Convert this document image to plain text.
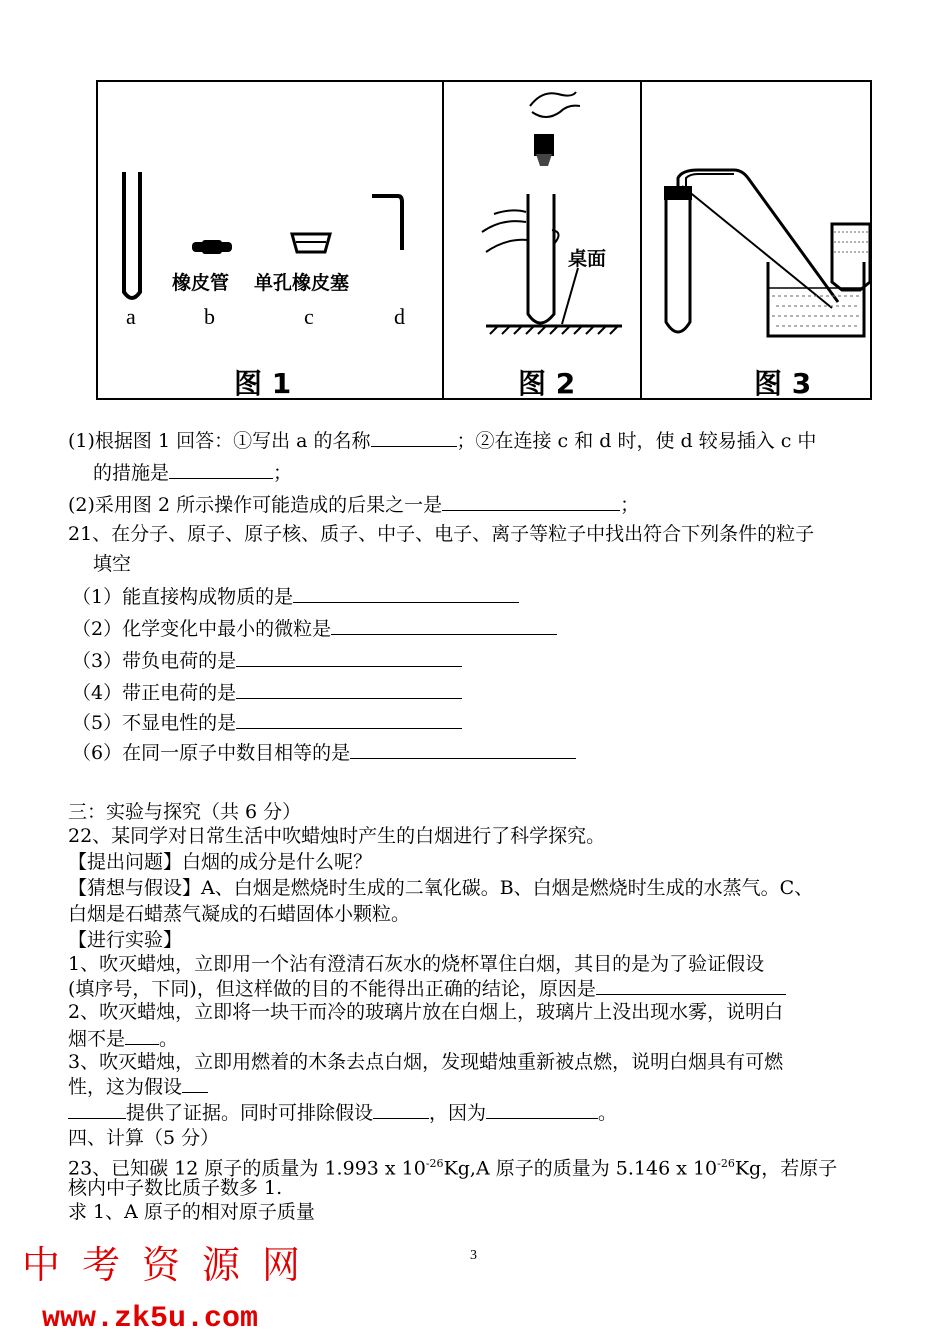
a	b	c	d
橡皮管 单孔橡皮塞
图 1
桌面
图 2	图 3
(1)根据图 1 回答：①写出 a 的名称	；②在连接 c 和 d 时，使 d 较易插入 c 中
的措施是	；
(2)采用图 2 所示操作可能造成的后果之一是	；
21、在分子、原子、原子核、质子、中子、电子、离子等粒子中找出符合下列条件的粒子
填空
（1）能直接构成物质的是
（2）化学变化中最小的微粒是
（3）带负电荷的是
（4）带正电荷的是
（5）不显电性的是
（6）在同一原子中数目相等的是
三：实验与探究（共 6 分）
22、某同学对日常生活中吹蜡烛时产生的白烟进行了科学探究。
【提出问题】白烟的成分是什么呢？
【猜想与假设】A、白烟是燃烧时生成的二氧化碳。B、白烟是燃烧时生成的水蒸气。C、
白烟是石蜡蒸气凝成的石蜡固体小颗粒。
【进行实验】
1、吹灭蜡烛，立即用一个沾有澄清石灰水的烧杯罩住白烟，其目的是为了验证假设
(填序号，下同)，但这样做的目的不能得出正确的结论，原因是
2、吹灭蜡烛，立即将一块干而冷的玻璃片放在白烟上，玻璃片上没出现水雾，说明白
烟不是 。
3、吹灭蜡烛，立即用燃着的木条去点白烟，发现蜡烛重新被点燃，说明白烟具有可燃
性，这为假设
提供了证据。同时可排除假设	，因为	。
四、计算（5 分）
23、已知碳 12 原子的质量为 1.993 x $10^{-26}Kg,A$ 原子的质量为 5.146 x $10^{-26}Kg$，若原子
核内中子数比质子数多 1.
求 1、A 原子的相对原子质量
中考资源网	3
www.zk5u.com
